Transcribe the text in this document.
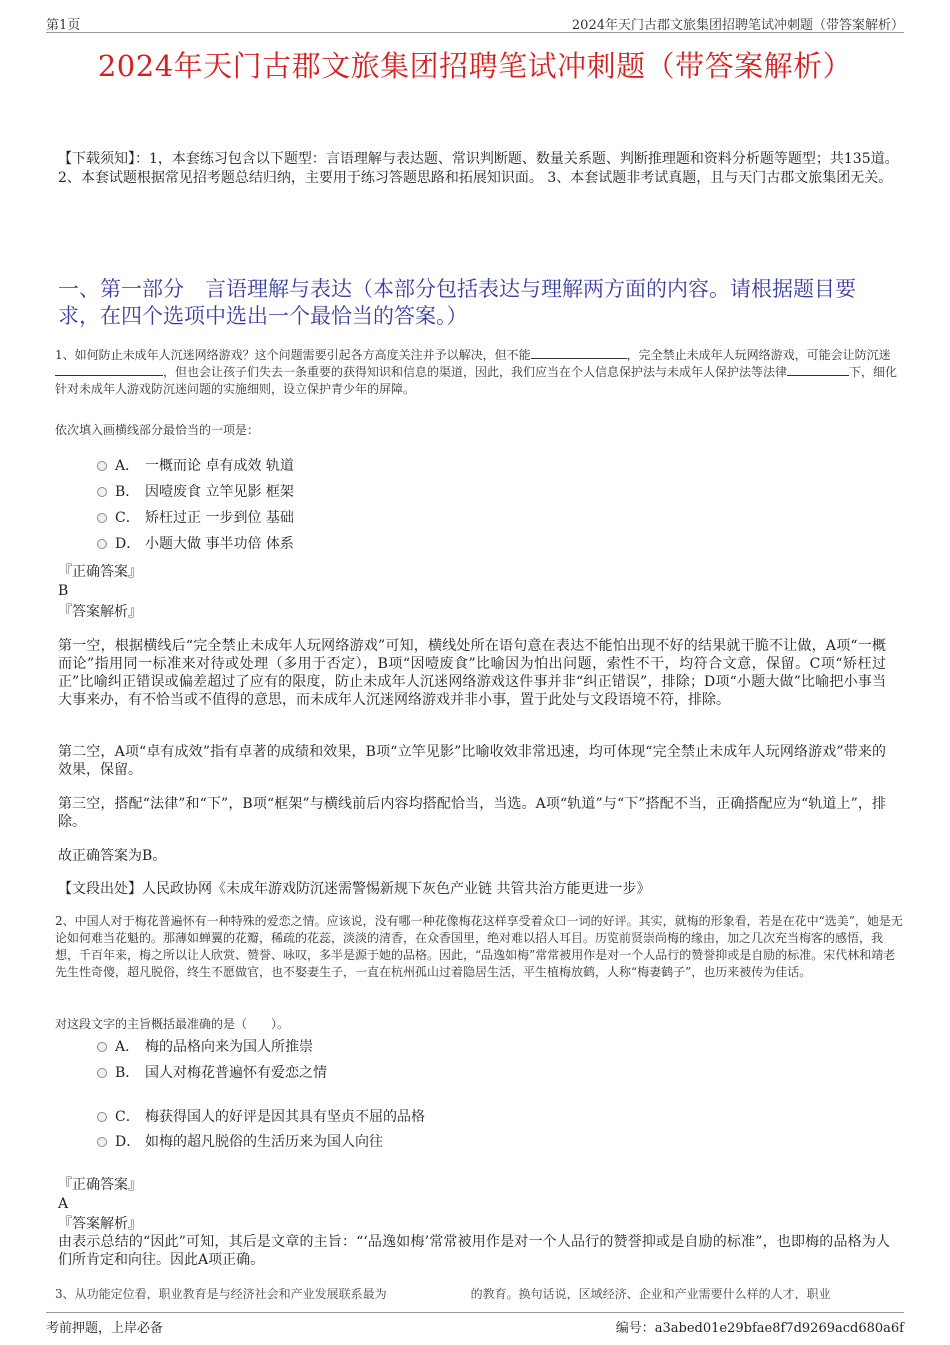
第1页	2024年天门古郡文旅集团招聘笔试冲刺题（带答案解析）
2024年天门古郡文旅集团招聘笔试冲刺题（带答案解析）
【下载须知】：1，本套练习包含以下题型：言语理解与表达题、常识判断题、数量关系题、判断推理题和资料分析题等题型；共135道。 2、本套试题根据常见招考题总结归纳，主要用于练习答题思路和拓展知识面。 3、本套试题非考试真题，且与天门古郡文旅集团无关。
一、第一部分　言语理解与表达（本部分包括表达与理解两方面的内容。请根据题目要求，在四个选项中选出一个最恰当的答案。）
1、如何防止未成年人沉迷网络游戏？这个问题需要引起各方高度关注并予以解决，但不能	，完全禁止未成年人玩网络游戏，可能会让防沉迷，但也会让孩子们失去一条重要的获得知识和信息的渠道，因此，我们应当在个人信息保护法与未成年人保护法等法律	下，细化针对未成年人游戏防沉迷问题的实施细则，设立保护青少年的屏障。
依次填入画横线部分最恰当的一项是：
A． 一概而论 卓有成效 轨道
B． 因噎废食 立竿见影 框架
C． 矫枉过正 一步到位 基础
D． 小题大做 事半功倍 体系
『正确答案』
B
『答案解析』
第一空，根据横线后“完全禁止未成年人玩网络游戏”可知，横线处所在语句意在表达不能怕出现不好的结果就干脆不让做，A项“一概而论”指用同一标准来对待或处理（多用于否定），B项“因噎废食”比喻因为怕出问题，索性不干，均符合文意，保留。C项“矫枉过正”比喻纠正错误或偏差超过了应有的限度，防止未成年人沉迷网络游戏这件事并非“纠正错误”，排除；D项“小题大做”比喻把小事当大事来办，有不恰当或不值得的意思，而未成年人沉迷网络游戏并非小事，置于此处与文段语境不符，排除。
第二空，A项“卓有成效”指有卓著的成绩和效果，B项“立竿见影”比喻收效非常迅速，均可体现“完全禁止未成年人玩网络游戏”带来的效果，保留。
第三空，搭配“法律”和“下”，B项“框架”与横线前后内容均搭配恰当，当选。A项“轨道”与“下”搭配不当，正确搭配应为“轨道上”，排除。
故正确答案为B。
【文段出处】人民政协网《未成年游戏防沉迷需警惕新规下灰色产业链 共管共治方能更进一步》
2、中国人对于梅花普遍怀有一种特殊的爱恋之情。应该说，没有哪一种花像梅花这样享受着众口一词的好评。其实，就梅的形象看，若是在花中“选美”，她是无论如何难当花魁的。那薄如蝉翼的花瓣，稀疏的花蕊，淡淡的清香，在众香国里，绝对难以招人耳目。历览前贤崇尚梅的缘由，加之几次充当梅客的感悟，我想，千百年来，梅之所以让人欣赏、赞誉、咏叹，多半是源于她的品格。因此，“品逸如梅”常常被用作是对一个人品行的赞誉抑或是自励的标准。宋代林和靖老先生性奇傻，超凡脱俗，终生不愿做官，也不娶妻生子，一直在杭州孤山过着隐居生活，平生植梅放鹤，人称“梅妻鹤子”，也历来被传为佳话。
对这段文字的主旨概括最准确的是（　　）。
A． 梅的品格向来为国人所推崇
B． 国人对梅花普遍怀有爱恋之情
C． 梅获得国人的好评是因其具有坚贞不屈的品格
D． 如梅的超凡脱俗的生活历来为国人向往
『正确答案』
A
『答案解析』
由表示总结的“因此”可知，其后是文章的主旨：“‘品逸如梅’常常被用作是对一个人品行的赞誉抑或是自励的标准”，也即梅的品格为人们所肯定和向往。因此A项正确。
3、从功能定位看，职业教育是与经济社会和产业发展联系最为　　　　　　　的教育。换句话说，区域经济、企业和产业需要什么样的人才，职业
考前押题，上岸必备	编号：a3abed01e29bfae8f7d9269acd680a6f
